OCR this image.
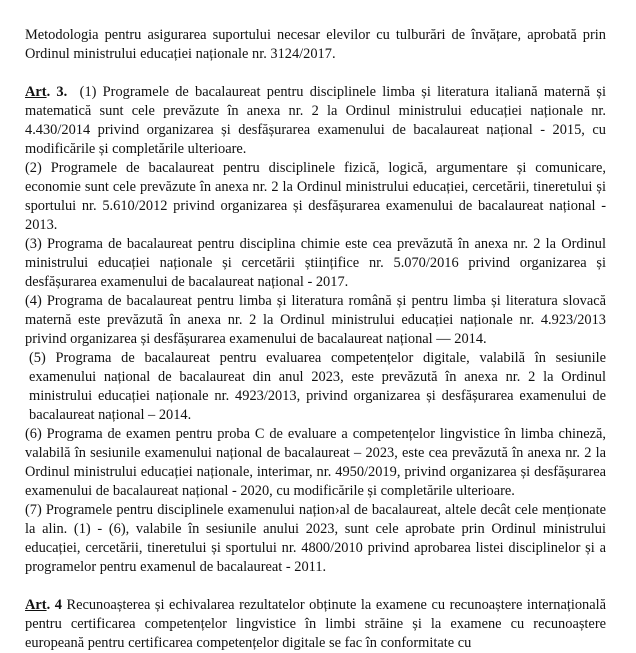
Metodologia pentru asigurarea suportului necesar elevilor cu tulburări de învățare, aprobată prin Ordinul ministrului educației naționale nr. 3124/2017.

Art. 3. (1) Programele de bacalaureat pentru disciplinele limba și literatura italiană maternă și matematică sunt cele prevăzute în anexa nr. 2 la Ordinul ministrului educației naționale nr. 4.430/2014 privind organizarea și desfășurarea examenului de bacalaureat național - 2015, cu modificările și completările ulterioare.

(2) Programele de bacalaureat pentru disciplinele fizică, logică, argumentare și comunicare, economie sunt cele prevăzute în anexa nr. 2 la Ordinul ministrului educației, cercetării, tineretului și sportului nr. 5.610/2012 privind organizarea și desfășurarea examenului de bacalaureat național - 2013.

(3) Programa de bacalaureat pentru disciplina chimie este cea prevăzută în anexa nr. 2 la Ordinul ministrului educației naționale și cercetării științifice nr. 5.070/2016 privind organizarea și desfășurarea examenului de bacalaureat național - 2017.

(4) Programa de bacalaureat pentru limba și literatura română și pentru limba și literatura slovacă maternă este prevăzută în anexa nr. 2 la Ordinul ministrului educației naționale nr. 4.923/2013 privind organizarea și desfășurarea examenului de bacalaureat național — 2014.

(5) Programa de bacalaureat pentru evaluarea competențelor digitale, valabilă în sesiunile examenului național de bacalaureat din anul 2023, este prevăzută în anexa nr. 2 la Ordinul ministrului educației naționale nr. 4923/2013, privind organizarea și desfășurarea examenului de bacalaureat național – 2014.

(6) Programa de examen pentru proba C de evaluare a competențelor lingvistice în limba chineză, valabilă în sesiunile examenului național de bacalaureat – 2023, este cea prevăzută în anexa nr. 2 la Ordinul ministrului educației naționale, interimar, nr. 4950/2019, privind organizarea și desfășurarea examenului de bacalaureat național - 2020, cu modificările și completările ulterioare.

(7) Programele pentru disciplinele examenului națion›al de bacalaureat, altele decât cele menționate la alin. (1) - (6), valabile în sesiunile anului 2023, sunt cele aprobate prin Ordinul ministrului educației, cercetării, tineretului și sportului nr. 4800/2010 privind aprobarea listei disciplinelor și a programelor pentru examenul de bacalaureat - 2011.

Art. 4 Recunoașterea și echivalarea rezultatelor obținute la examene cu recunoaștere internațională pentru certificarea competențelor lingvistice în limbi străine și la examene cu recunoaștere europeană pentru certificarea competențelor digitale se fac în conformitate cu
